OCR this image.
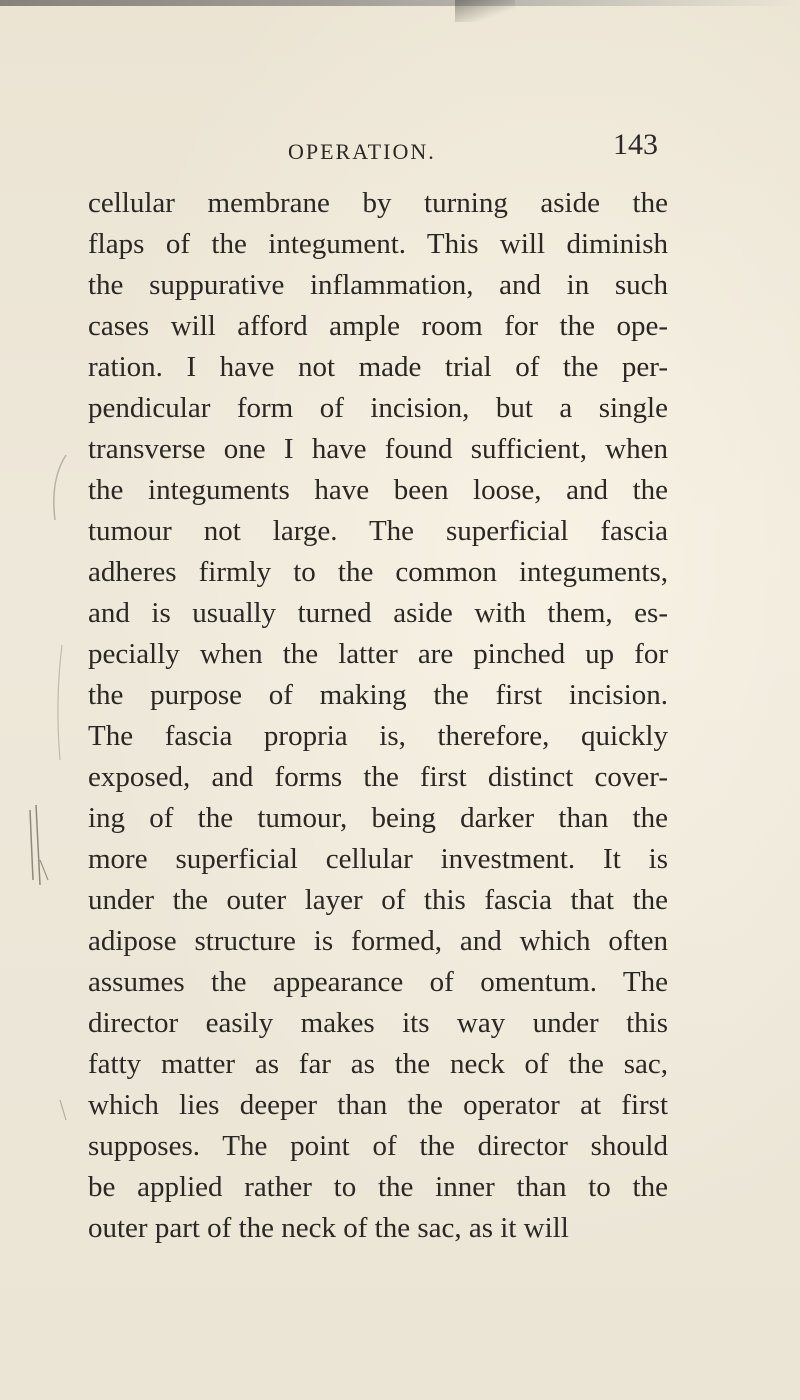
OPERATION.	143
cellular membrane by turning aside the
flaps of the integument. This will diminish
the suppurative inflammation, and in such
cases will afford ample room for the ope-
ration. I have not made trial of the per-
pendicular form of incision, but a single
transverse one I have found sufficient, when
the integuments have been loose, and the
tumour not large. The superficial fascia
adheres firmly to the common integuments,
and is usually turned aside with them, es-
pecially when the latter are pinched up for
the purpose of making the first incision.
The fascia propria is, therefore, quickly
exposed, and forms the first distinct cover-
ing of the tumour, being darker than the
more superficial cellular investment. It is
under the outer layer of this fascia that the
adipose structure is formed, and which often
assumes the appearance of omentum. The
director easily makes its way under this
fatty matter as far as the neck of the sac,
which lies deeper than the operator at first
supposes. The point of the director should
be applied rather to the inner than to the
outer part of the neck of the sac, as it will
